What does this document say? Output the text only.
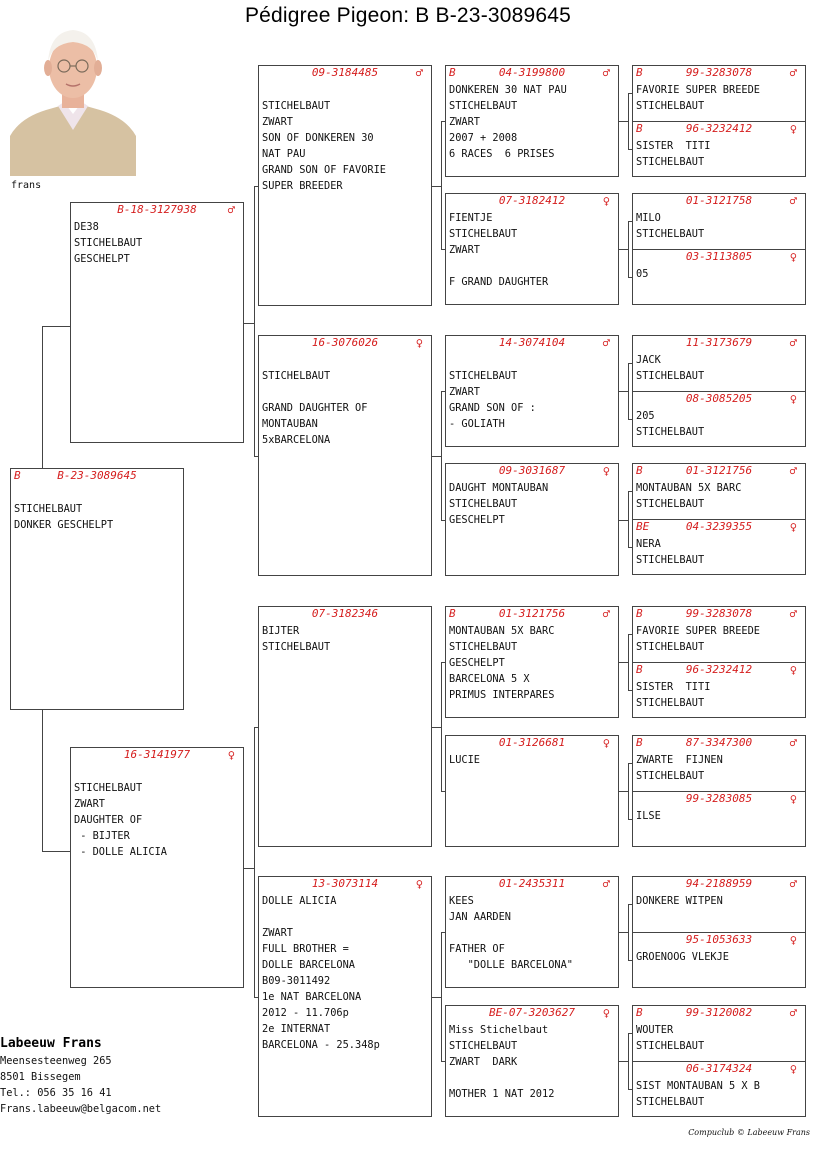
Pédigree Pigeon: B B-23-3089645
frans
B-23-3089645
B
STICHELBAUT
DONKER GESCHELPT
B-18-3127938	♂
DE38
STICHELBAUT
GESCHELPT
16-3141977	♀
STICHELBAUT
ZWART
DAUGHTER OF
- BIJTER
- DOLLE ALICIA
09-3184485	♂
STICHELBAUT
ZWART
SON OF DONKEREN 30
NAT PAU
GRAND SON OF FAVORIE
SUPER BREEDER
16-3076026	♀
STICHELBAUT
GRAND DAUGHTER OF
MONTAUBAN
5xBARCELONA
07-3182346
BIJTER
STICHELBAUT
13-3073114	♀
DOLLE ALICIA
ZWART
FULL BROTHER =
DOLLE BARCELONA
B09-3011492
1e NAT BARCELONA
2012 - 11.706p
2e INTERNAT
BARCELONA - 25.348p
04-3199800
B	♂
DONKEREN 30 NAT PAU
STICHELBAUT
ZWART
2007 + 2008
6 RACES  6 PRISES
07-3182412	♀
FIENTJE
STICHELBAUT
ZWART
F GRAND DAUGHTER
14-3074104	♂
STICHELBAUT
ZWART
GRAND SON OF :
- GOLIATH
09-3031687	♀
DAUGHT MONTAUBAN
STICHELBAUT
GESCHELPT
01-3121756
B	♂
MONTAUBAN 5X BARC
STICHELBAUT
GESCHELPT
BARCELONA 5 X
PRIMUS INTERPARES
01-3126681	♀
LUCIE
01-2435311	♂
KEES
JAN AARDEN
FATHER OF
"DOLLE BARCELONA"
BE-07-3203627	♀
Miss Stichelbaut
STICHELBAUT
ZWART  DARK
MOTHER 1 NAT 2012
99-3283078
B	♂
FAVORIE SUPER BREEDE
STICHELBAUT
96-3232412
B	♀
SISTER  TITI
STICHELBAUT
01-3121758	♂
MILO
STICHELBAUT
03-3113805	♀
05
11-3173679	♂
JACK
STICHELBAUT
08-3085205	♀
205
STICHELBAUT
01-3121756
B	♂
MONTAUBAN 5X BARC
STICHELBAUT
04-3239355
BE	♀
NERA
STICHELBAUT
99-3283078
B	♂
FAVORIE SUPER BREEDE
STICHELBAUT
96-3232412
B	♀
SISTER  TITI
STICHELBAUT
87-3347300
B	♂
ZWARTE  FIJNEN
STICHELBAUT
99-3283085	♀
ILSE
94-2188959	♂
DONKERE WITPEN
95-1053633	♀
GROENOOG VLEKJE
99-3120082
B	♂
WOUTER
STICHELBAUT
06-3174324	♀
SIST MONTAUBAN 5 X B
STICHELBAUT
Labeeuw Frans
Meensesteenweg 265
8501 Bissegem
Tel.: 056 35 16 41
Frans.labeeuw@belgacom.net
Compuclub © Labeeuw Frans
